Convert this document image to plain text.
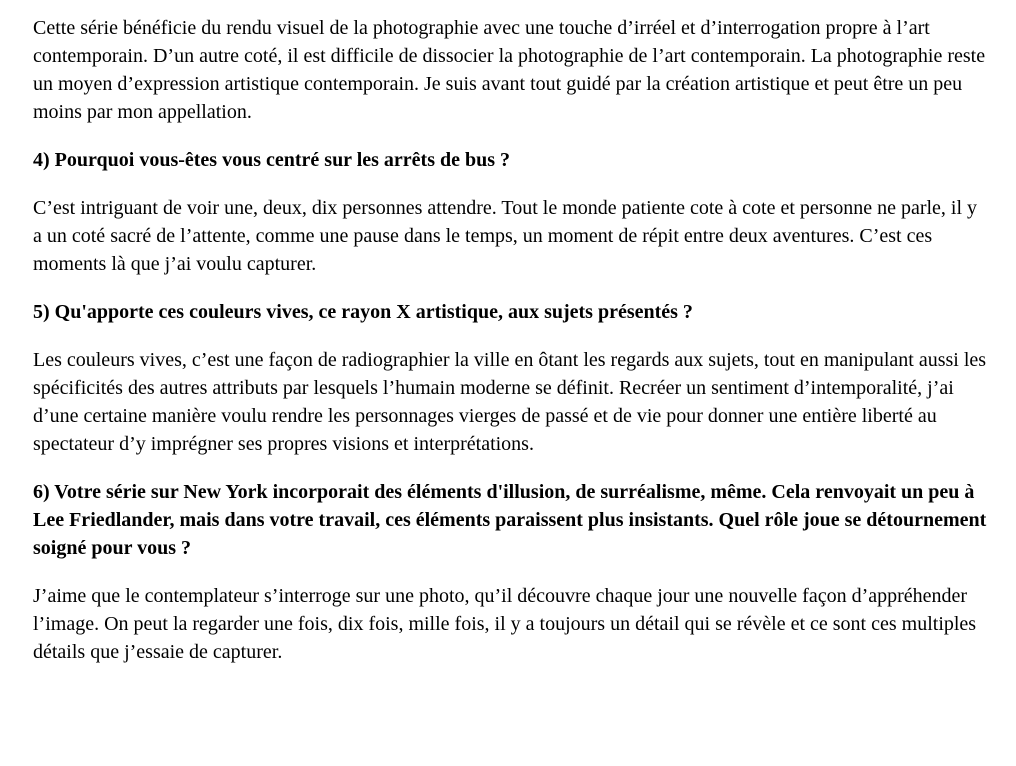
Cette série bénéficie du rendu visuel de la photographie avec une touche d’irréel et d’interrogation propre à l’art contemporain. D’un autre coté, il est difficile de dissocier la photographie de l’art contemporain. La photographie reste un moyen d’expression artistique contemporain. Je suis avant tout guidé par la création artistique et peut être un peu moins par mon appellation.

4) Pourquoi vous-êtes vous centré sur les arrêts de bus ?

C’est intriguant de voir une, deux, dix personnes attendre. Tout le monde patiente cote à cote et personne ne parle, il y a un coté sacré de l’attente, comme une pause dans le temps, un moment de répit entre deux aventures. C’est ces moments là que j’ai voulu capturer.

5) Qu'apporte ces couleurs vives, ce rayon X artistique, aux sujets présentés ?

Les couleurs vives, c’est une façon de radiographier la ville en ôtant les regards aux sujets, tout en manipulant aussi les spécificités des autres attributs par lesquels l’humain moderne se définit. Recréer un sentiment d’intemporalité, j’ai d’une certaine manière voulu rendre les personnages vierges de passé et de vie pour donner une entière liberté au spectateur d’y imprégner ses propres visions et interprétations.

6) Votre série sur New York incorporait des éléments d'illusion, de surréalisme, même. Cela renvoyait un peu à Lee Friedlander, mais dans votre travail, ces éléments paraissent plus insistants. Quel rôle joue se détournement soigné pour vous ?

J’aime que le contemplateur s’interroge sur une photo, qu’il découvre chaque jour une nouvelle façon d’appréhender l’image. On peut la regarder une fois, dix fois, mille fois, il y a toujours un détail qui se révèle et ce sont ces multiples détails que j’essaie de capturer.
